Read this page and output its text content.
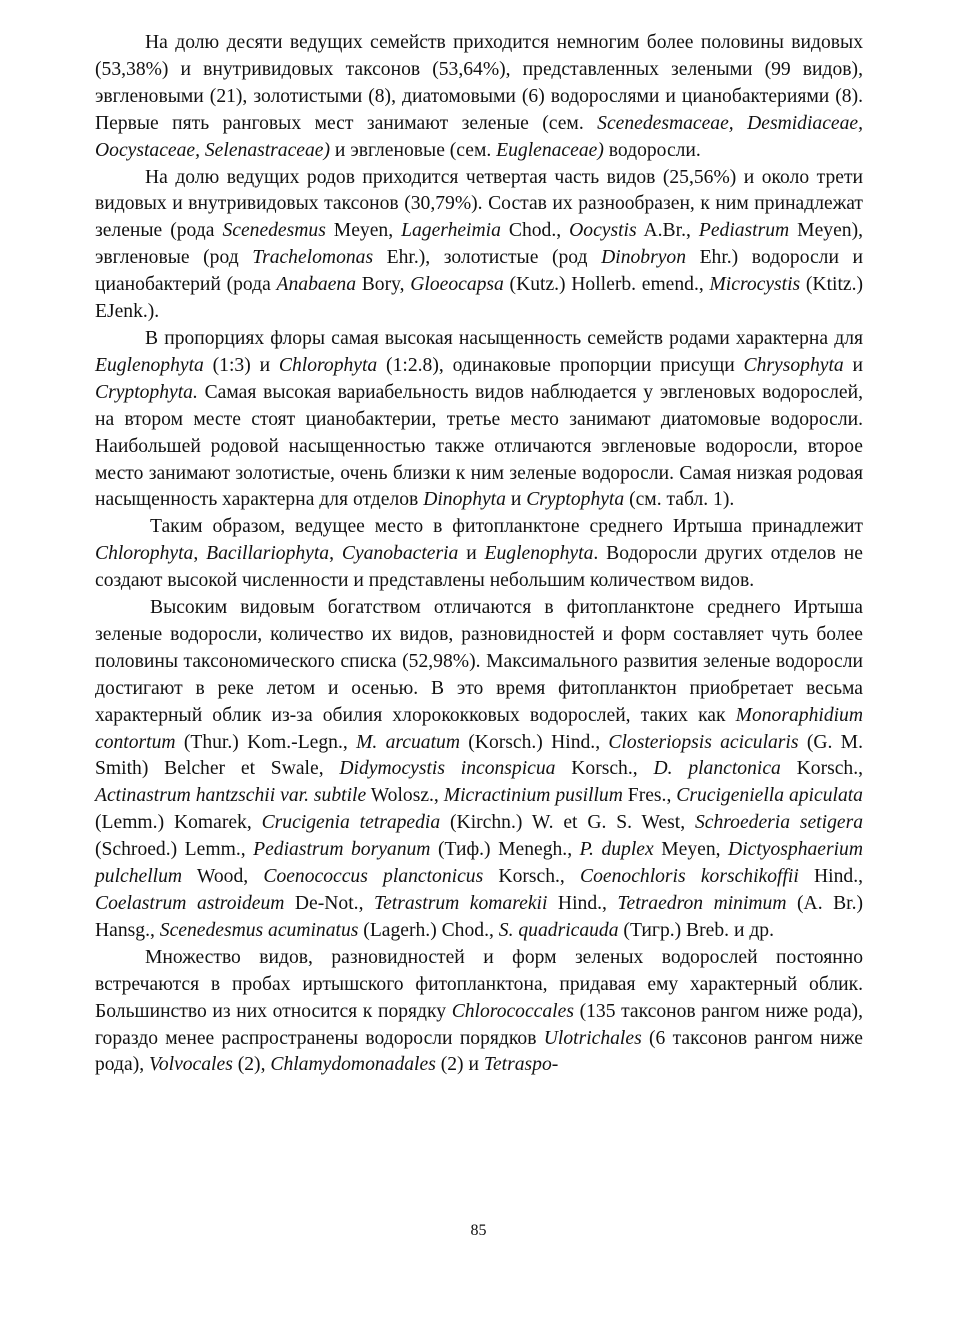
На долю десяти ведущих семейств приходится немногим более половины видовых (53,38%) и внутривидовых таксонов (53,64%), представленных зелеными (99 видов), эвгленовыми (21), золотистыми (8), диатомовыми (6) водорослями и цианобактериями (8). Первые пять ранговых мест занимают зеленые (сем. Scenedesmaceae, Desmidiaceae, Oocystaceae, Selenastraceae) и эвгленовые (сем. Euglenaceae) водоросли.

На долю ведущих родов приходится четвертая часть видов (25,56%) и около трети видовых и внутривидовых таксонов (30,79%). Состав их разнообразен, к ним принадлежат зеленые (рода Scenedesmus Meyen, Lagerheimia Chod., Oocystis A.Br., Pediastrum Meyen), эвгленовые (род Trachelomonas Ehr.), золотистые (род Dinobryon Ehr.) водоросли и цианобактерий (рода Anabaena Bory, Gloeocapsa (Kutz.) Hollerb. emend., Microcystis (Ktitz.) EJenk.).

В пропорциях флоры самая высокая насыщенность семейств родами характерна для Euglenophyta (1:3) и Chlorophyta (1:2.8), одинаковые пропорции присущи Chrysophyta и Cryptophyta. Самая высокая вариабельность видов наблюдается у эвгленовых водорослей, на втором месте стоят цианобактерии, третье место занимают диатомовые водоросли. Наибольшей родовой насыщенностью также отличаются эвгленовые водоросли, второе место занимают золотистые, очень близки к ним зеленые водоросли. Самая низкая родовая насыщенность характерна для отделов Dinophyta и Cryptophyta (см. табл. 1).

Таким образом, ведущее место в фитопланктоне среднего Иртыша принадлежит Chlorophyta, Bacillariophyta, Cyanobacteria и Euglenophyta. Водоросли других отделов не создают высокой численности и представлены небольшим количеством видов.

Высоким видовым богатством отличаются в фитопланктоне среднего Иртыша зеленые водоросли, количество их видов, разновидностей и форм составляет чуть более половины таксономического списка (52,98%). Максимального развития зеленые водоросли достигают в реке летом и осенью. В это время фитопланктон приобретает весьма характерный облик из-за обилия хлорококковых водорослей, таких как Monoraphidium contortum (Thur.) Kom.-Legn., M. arcuatum (Korsch.) Hind., Closteriopsis acicularis (G. M. Smith) Belcher et Swale, Didymocystis inconspicua Korsch., D. planctonica Korsch., Actinastrum hantzschii var. subtile Wolosz., Micractinium pusillum Fres., Crucigeniella apiculata (Lemm.) Komarek, Crucigenia tetrapedia (Kirchn.) W. et G. S. West, Schroederia setigera (Schroed.) Lemm., Pediastrum boryanum (Тиф.) Menegh., P. duplex Meyen, Dictyosphaerium pulchellum Wood, Coenococcus planctonicus Korsch., Coenochloris korschikoffii Hind., Coelastrum astroideum De-Not., Tetrastrum komarekii Hind., Tetraedron minimum (A. Br.) Hansg., Scenedesmus acuminatus (Lagerh.) Chod., S. quadricauda (Тигр.) Breb. и др.

Множество видов, разновидностей и форм зеленых водорослей постоянно встречаются в пробах иртышского фитопланктона, придавая ему характерный облик. Большинство из них относится к порядку Chlorococcales (135 таксонов рангом ниже рода), гораздо менее распространены водоросли порядков Ulotrichales (6 таксонов рангом ниже рода), Volvocales (2), Chlamydomonadales (2) и Tetraspo-

85
